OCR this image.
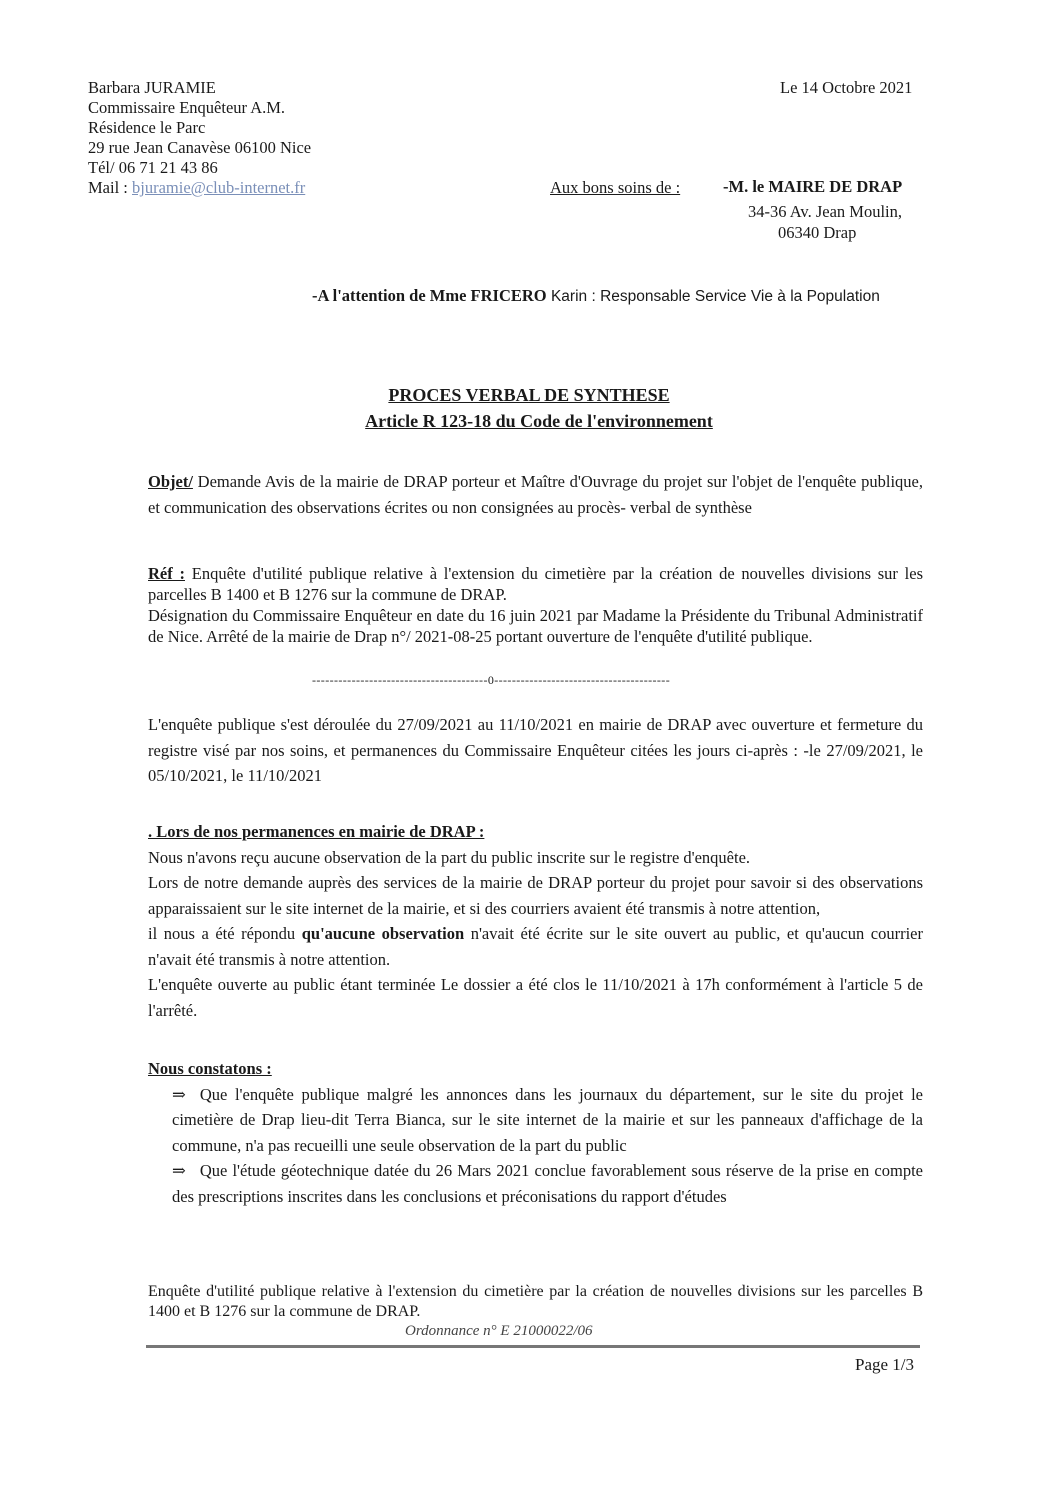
Barbara JURAMIE
Commissaire Enquêteur A.M.
Résidence le Parc
29 rue Jean Canavèse 06100 Nice
Tél/ 06 71 21 43 86
Mail : bjuramie@club-internet.fr
Le 14 Octobre 2021
Aux bons soins de :	-M. le MAIRE DE DRAP
34-36 Av. Jean Moulin,
06340 Drap
-A l'attention de Mme FRICERO Karin : Responsable Service Vie à la Population
PROCES VERBAL DE SYNTHESE
Article R 123-18 du Code de l'environnement
Objet/ Demande Avis de la mairie de DRAP porteur et Maître d'Ouvrage du projet sur l'objet de l'enquête publique, et communication des observations écrites ou non consignées au procès- verbal de synthèse

Réf : Enquête d'utilité publique relative à l'extension du cimetière par la création de nouvelles divisions sur les parcelles B 1400 et B 1276 sur la commune de DRAP.

Désignation du Commissaire Enquêteur en date du 16 juin 2021 par Madame la Présidente du Tribunal Administratif de Nice. Arrêté de la mairie de Drap n°/ 2021-08-25 portant ouverture de l'enquête d'utilité publique.

----------------------------------------0----------------------------------------
L'enquête publique s'est déroulée du 27/09/2021 au 11/10/2021 en mairie de DRAP avec ouverture et fermeture du registre visé par nos soins, et permanences du Commissaire Enquêteur citées les jours ci-après : -le 27/09/2021, le 05/10/2021, le 11/10/2021

. Lors de nos permanences en mairie de DRAP :

Nous n'avons reçu aucune observation de la part du public inscrite sur le registre d'enquête.

Lors de notre demande auprès des services de la mairie de DRAP porteur du projet pour savoir si des observations apparaissaient sur le site internet de la mairie, et si des courriers avaient été transmis à notre attention,

il nous a été répondu qu'aucune observation n'avait été écrite sur le site ouvert au public, et qu'aucun courrier n'avait été transmis à notre attention.

L'enquête ouverte au public étant terminée Le dossier a été clos le 11/10/2021 à 17h conformément à l'article 5 de l'arrêté.

Nous constatons :

⇒ Que l'enquête publique malgré les annonces dans les journaux du département, sur le site du projet le cimetière de Drap lieu-dit Terra Bianca, sur le site internet de la mairie et sur les panneaux d'affichage de la commune, n'a pas recueilli une seule observation de la part du public

⇒ Que l'étude géotechnique datée du 26 Mars 2021 conclue favorablement sous réserve de la prise en compte des prescriptions inscrites dans les conclusions et préconisations du rapport d'études

Enquête d'utilité publique relative à l'extension du cimetière par la création de nouvelles divisions sur les parcelles B 1400 et B 1276 sur la commune de DRAP.
Ordonnance n° E 21000022/06
Page 1/3
